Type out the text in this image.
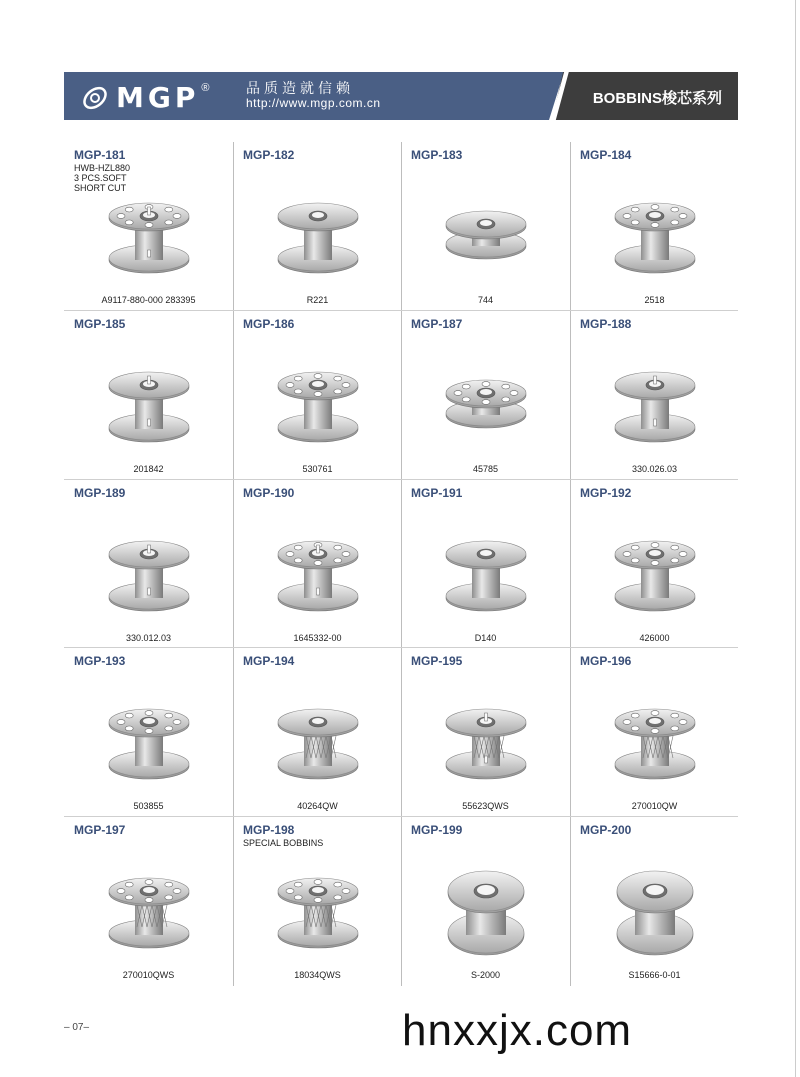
MGP ®	品质造就信赖
http://www.mgp.com.cn	BOBBINS梭芯系列
MGP-181
HWB-HZL880
3 PCS.SOFT
SHORT CUT
A9117-880-000 283395
MGP-182
R221
MGP-183
744
MGP-184
2518
MGP-185
201842
MGP-186
530761
MGP-187
45785
MGP-188
330.026.03
MGP-189
330.012.03
MGP-190
1645332-00
MGP-191
D140
MGP-192
426000
MGP-193
503855
MGP-194
40264QW
MGP-195
55623QWS
MGP-196
270010QW
MGP-197
270010QWS
MGP-198
SPECIAL BOBBINS
18034QWS
MGP-199
S-2000
MGP-200
S15666-0-01
– 07–	hnxxjx.com
